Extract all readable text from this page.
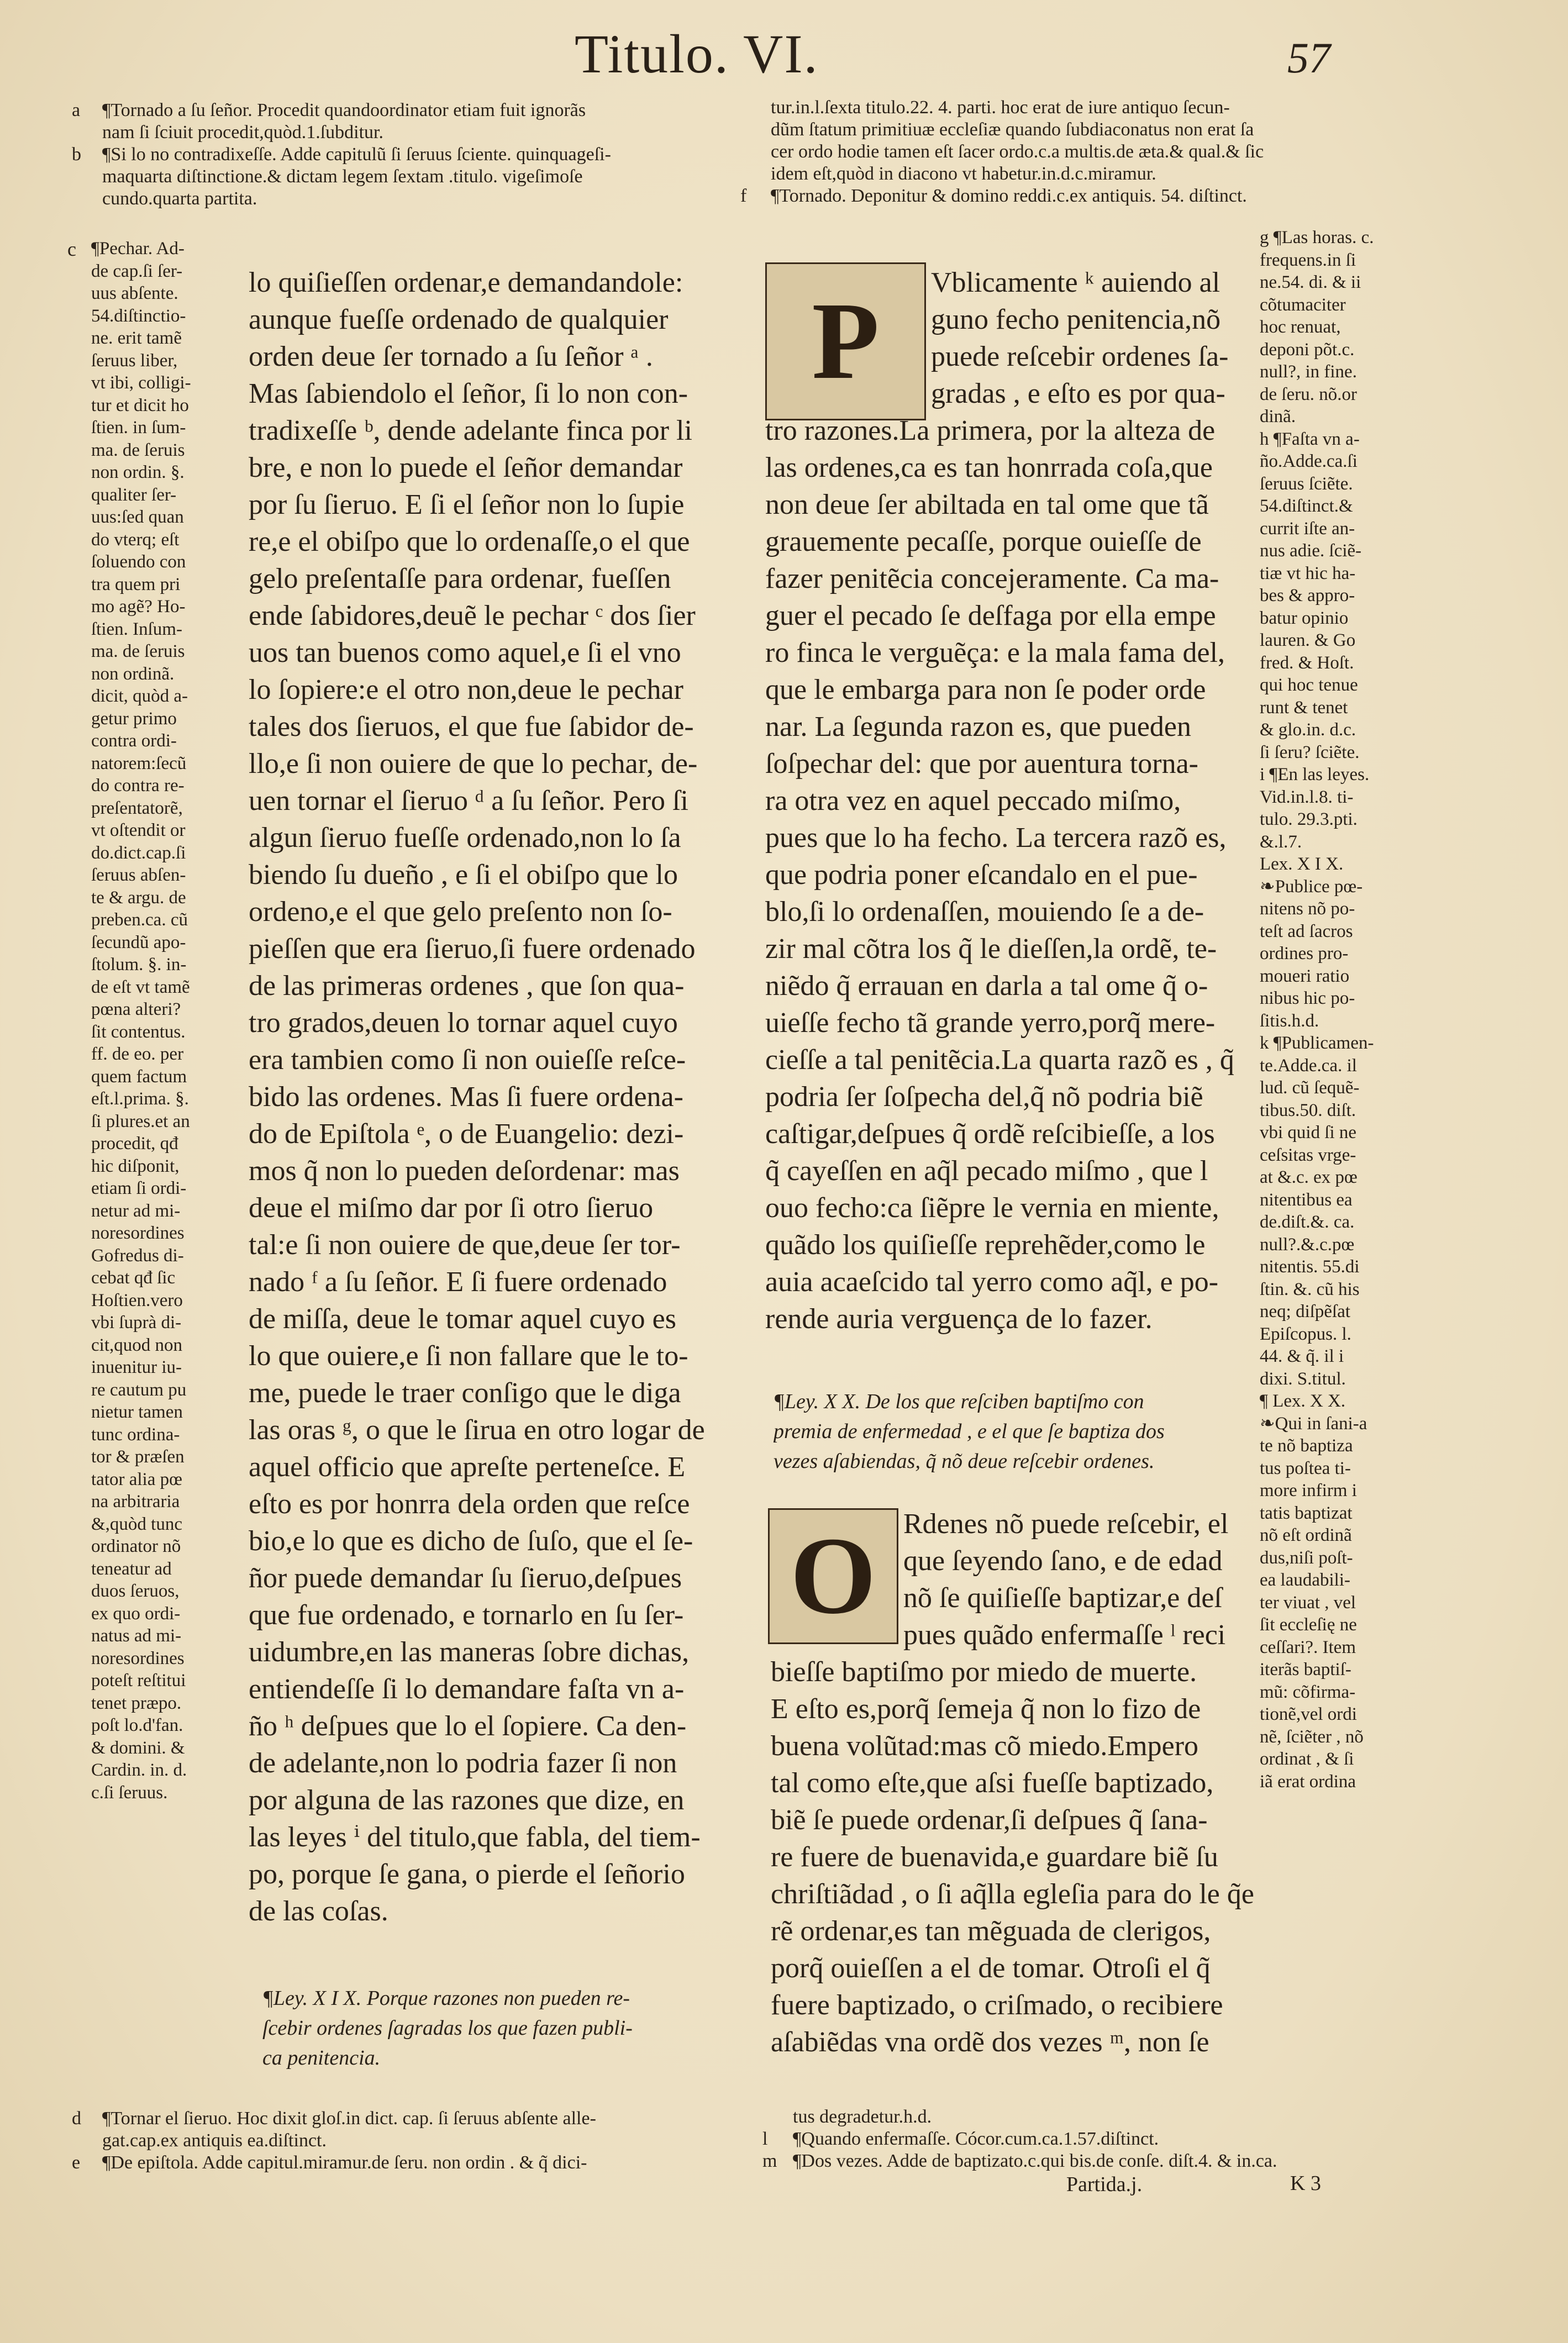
Titulo. VI.	57
a	¶Tornado a ſu ſeñor. Procedit quandoordinator etiam fuit ignorãs
nam ſi ſciuit procedit,quòd.1.ſubditur.
b	¶Si lo no contradixeſſe. Adde capitulũ ſi ſeruus ſciente. quinquageſi-
maquarta diſtinctione.& dictam legem ſextam .titulo. vigeſimoſe
cundo.quarta partita.
tur.in.l.ſexta titulo.22. 4. parti. hoc erat de iure antiquo ſecun-
dũm ſtatum primitiuæ eccleſiæ quando ſubdiaconatus non erat ſa
cer ordo hodie tamen eſt ſacer ordo.c.a multis.de æta.& qual.& ſic
idem eſt,quòd in diacono vt habetur.in.d.c.miramur.
f	¶Tornado. Deponitur & domino reddi.c.ex antiquis. 54. diſtinct.
c ¶Pechar. Ad-
de cap.ſi ſer-
uus abſente.
54.diſtinctio-
ne. erit tamẽ
ſeruus liber,
vt ibi, colligi-
tur et dicit ho
ſtien. in ſum-
ma. de ſeruis
non ordin. §.
qualiter ſer-
uus:ſed quan
do vterq; eſt
ſoluendo con
tra quem pri
mo agẽ? Ho-
ſtien. Inſum-
ma. de ſeruis
non ordinã.
dicit, quòd a-
getur primo
contra ordi-
natorem:ſecũ
do contra re-
preſentatorẽ,
vt oſtendit or
do.dict.cap.ſi
ſeruus abſen-
te & argu. de
preben.ca. cũ
ſecundũ apo-
ſtolum. §. in-
de eſt vt tamẽ
pœna alteri?
ſit contentus.
ff. de eo. per
quem factum
eſt.l.prima. §.
ſi plures.et an
procedit, qđ
hic diſponit,
etiam ſi ordi-
netur ad mi-
noresordines
Gofredus di-
cebat qđ ſic
Hoſtien.vero
vbi ſuprà di-
cit,quod non
inuenitur iu-
re cautum pu
nietur tamen
tunc ordina-
tor & præſen
tator alia pœ
na arbitraria
&,quòd tunc
ordinator nõ
teneatur ad
duos ſeruos,
ex quo ordi-
natus ad mi-
noresordines
poteſt reſtitui
tenet præpo.
poſt lo.d'fan.
& domini. &
Cardin. in. d.
c.ſi ſeruus.
lo quiſieſſen ordenar,e demandandole:
aunque fueſſe ordenado de qualquier
orden deue ſer tornado a ſu ſeñor ᵃ .
Mas ſabiendolo el ſeñor, ſi lo non con-
tradixeſſe ᵇ, dende adelante finca por li
bre, e non lo puede el ſeñor demandar
por ſu ſieruo. E ſi el ſeñor non lo ſupie
re,e el obiſpo que lo ordenaſſe,o el que
gelo preſentaſſe para ordenar, fueſſen
ende ſabidores,deuẽ le pechar ᶜ dos ſier
uos tan buenos como aquel,e ſi el vno
lo ſopiere:e el otro non,deue le pechar
tales dos ſieruos, el que fue ſabidor de-
llo,e ſi non ouiere de que lo pechar, de-
uen tornar el ſieruo ᵈ a ſu ſeñor. Pero ſi
algun ſieruo fueſſe ordenado,non lo ſa
biendo ſu dueño , e ſi el obiſpo que lo
ordeno,e el que gelo preſento non ſo-
pieſſen que era ſieruo,ſi fuere ordenado
de las primeras ordenes , que ſon qua-
tro grados,deuen lo tornar aquel cuyo
era tambien como ſi non ouieſſe reſce-
bido las ordenes. Mas ſi fuere ordena-
do de Epiſtola ᵉ, o de Euangelio: dezi-
mos q̃ non lo pueden deſordenar: mas
deue el miſmo dar por ſi otro ſieruo
tal:e ſi non ouiere de que,deue ſer tor-
nado ᶠ a ſu ſeñor. E ſi fuere ordenado
de miſſa, deue le tomar aquel cuyo es
lo que ouiere,e ſi non fallare que le to-
me, puede le traer conſigo que le diga
las oras ᵍ, o que le ſirua en otro logar de
aquel officio que apreſte perteneſce. E
eſto es por honrra dela orden que reſce
bio,e lo que es dicho de ſuſo, que el ſe-
ñor puede demandar ſu ſieruo,deſpues
que fue ordenado, e tornarlo en ſu ſer-
uidumbre,en las maneras ſobre dichas,
entiendeſſe ſi lo demandare faſta vn a-
ño ʰ deſpues que lo el ſopiere. Ca den-
de adelante,non lo podria fazer ſi non
por alguna de las razones que dize, en
las leyes ⁱ del titulo,que fabla, del tiem-
po, porque ſe gana, o pierde el ſeñorio
de las coſas.
¶Ley. X I X. Porque razones non pueden re-
ſcebir ordenes ſagradas los que fazen publi-
ca penitencia.
P Vblicamente ᵏ auiendo al
guno fecho penitencia,nõ
puede reſcebir ordenes ſa-
gradas , e eſto es por qua-
tro razones.La primera, por la alteza de
las ordenes,ca es tan honrrada coſa,que
non deue ſer abiltada en tal ome que tã
grauemente pecaſſe, porque ouieſſe de
fazer penitẽcia concejeramente. Ca ma-
guer el pecado ſe deſfaga por ella empe
ro finca le verguẽça: e la mala fama del,
que le embarga para non ſe poder orde
nar. La ſegunda razon es, que pueden
ſoſpechar del: que por auentura torna-
ra otra vez en aquel peccado miſmo,
pues que lo ha fecho. La tercera razõ es,
que podria poner eſcandalo en el pue-
blo,ſi lo ordenaſſen, mouiendo ſe a de-
zir mal cõtra los q̃ le dieſſen,la ordẽ, te-
niẽdo q̃ errauan en darla a tal ome q̃ o-
uieſſe fecho tã grande yerro,porq̃ mere-
cieſſe a tal penitẽcia.La quarta razõ es , q̃
podria ſer ſoſpecha del,q̃ nõ podria biẽ
caſtigar,deſpues q̃ ordẽ reſcibieſſe, a los
q̃ cayeſſen en aq̃l pecado miſmo , que l
ouo fecho:ca ſiẽpre le vernia en miente,
quãdo los quiſieſſe reprehẽder,como le
auia acaeſcido tal yerro como aq̃l, e po-
rende auria verguença de lo fazer.
¶Ley. X X. De los que reſciben baptiſmo con
premia de enfermedad , e el que ſe baptiza dos
vezes aſabiendas, q̃ nõ deue reſcebir ordenes.
O Rdenes nõ puede reſcebir, el
que ſeyendo ſano, e de edad
nõ ſe quiſieſſe baptizar,e deſ
pues quãdo enfermaſſe ˡ reci
bieſſe baptiſmo por miedo de muerte.
E eſto es,porq̃ ſemeja q̃ non lo fizo de
buena volũtad:mas cõ miedo.Empero
tal como eſte,que aſsi fueſſe baptizado,
biẽ ſe puede ordenar,ſi deſpues q̃ ſana-
re fuere de buenavida,e guardare biẽ ſu
chriſtiãdad , o ſi aq̃lla egleſia para do le q̃e
rẽ ordenar,es tan mẽguada de clerigos,
porq̃ ouieſſen a el de tomar. Otroſi el q̃
fuere baptizado, o criſmado, o recibiere
aſabiẽdas vna ordẽ dos vezes ᵐ, non ſe
g ¶Las horas. c.
frequens.in ſi
ne.54. di. & ii
cõtumaciter
hoc renuat,
deponi põt.c.
null?, in fine.
de ſeru. nõ.or
dinã.
h ¶Faſta vn a-
ño.Adde.ca.ſi
ſeruus ſciẽte.
54.diſtinct.&
currit iſte an-
nus adie. ſciẽ-
tiæ vt hic ha-
bes & appro-
batur opinio
lauren. & Go
fred. & Hoſt.
qui hoc tenue
runt & tenet
& glo.in. d.c.
ſi ſeru? ſciẽte.
i ¶En las leyes.
Vid.in.l.8. ti-
tulo. 29.3.pti.
&.l.7.
Lex. X I X.
❧Publice pœ-
nitens nõ po-
teſt ad ſacros
ordines pro-
moueri ratio
nibus hic po-
ſitis.h.d.
k ¶Publicamen-
te.Adde.ca. il
lud. cũ ſequẽ-
tibus.50. diſt.
vbi quid ſi ne
ceſsitas vrge-
at &.c. ex pœ
nitentibus ea
de.diſt.&. ca.
null?.&.c.pœ
nitentis. 55.di
ſtin. &. cũ his
neq; diſpẽſat
Epiſcopus. l.
44. & q̃. il i
dixi. S.titul.
¶ Lex. X X.
❧Qui in ſani-a
te nõ baptiza
tus poſtea ti-
more infirm i
tatis baptizat
nõ eſt ordinã
dus,niſi poſt-
ea laudabili-
ter viuat , vel
ſit eccleſię ne
ceſſari?. Item
iterãs baptiſ-
mũ: cõfirma-
tionẽ,vel ordi
nẽ, ſciẽter , nõ
ordinat , & ſi
iã erat ordina
d	¶Tornar el ſieruo. Hoc dixit gloſ.in dict. cap. ſi ſeruus abſente alle-
gat.cap.ex antiquis ea.diſtinct.
e	¶De epiſtola. Adde capitul.miramur.de ſeru. non ordin . & q̃ dici-
tus degradetur.h.d.
l	¶Quando enfermaſſe. Cócor.cum.ca.1.57.diſtinct.
m ¶Dos vezes. Adde de baptizato.c.qui bis.de conſe. diſt.4. & in.ca.
Partida.j.	K 3
